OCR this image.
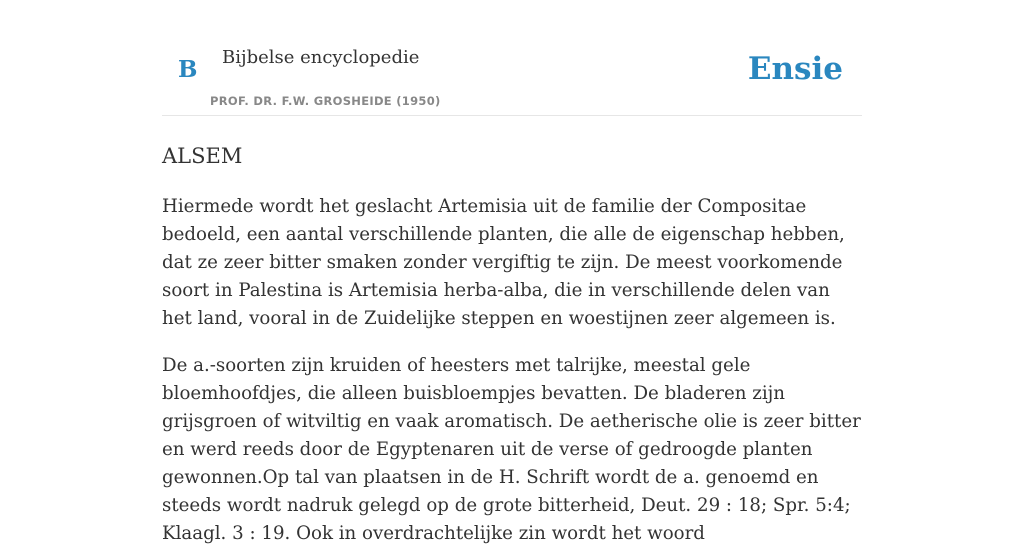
B Bijbelse encyclopedie
PROF. DR. F.W. GROSHEIDE (1950)
Ensie
ALSEM

Hiermede wordt het geslacht Artemisia uit de familie der Compositae bedoeld, een aantal verschillende planten, die alle de eigenschap hebben, dat ze zeer bitter smaken zonder vergiftig te zijn. De meest voorkomende soort in Palestina is Artemisia herba-alba, die in verschillende delen van het land, vooral in de Zuidelijke steppen en woestijnen zeer algemeen is.

De a.-soorten zijn kruiden of heesters met talrijke, meestal gele bloemhoofdjes, die alleen buisbloempjes bevatten. De bladeren zijn grijsgroen of witviltig en vaak aromatisch. De aetherische olie is zeer bitter en werd reeds door de Egyptenaren uit de verse of gedroogde planten gewonnen.Op tal van plaatsen in de H. Schrift wordt de a. genoemd en steeds wordt nadruk gelegd op de grote bitterheid, Deut. 29 : 18; Spr. 5:4; Klaagl. 3 : 19. Ook in overdrachtelijke zin wordt het woord
